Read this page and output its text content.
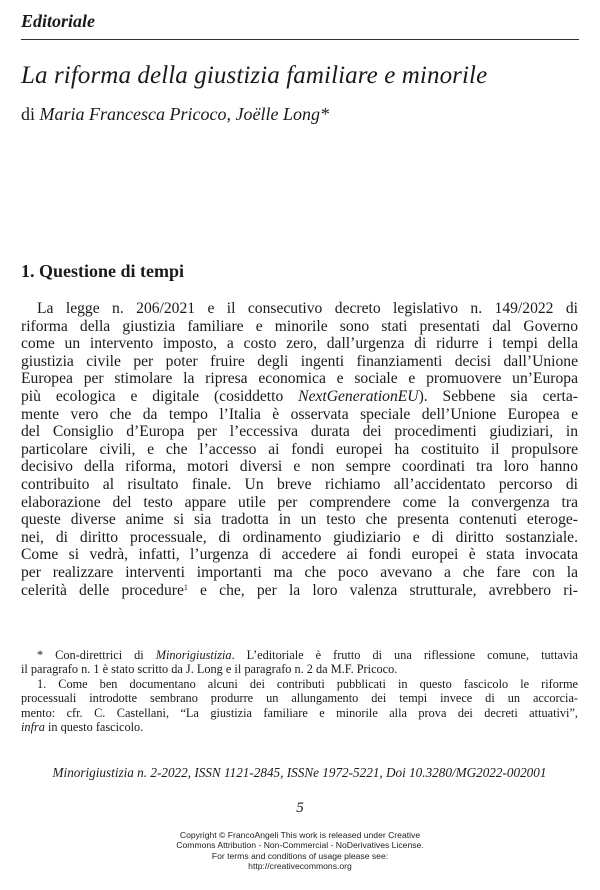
Editoriale
La riforma della giustizia familiare e minorile
di Maria Francesca Pricoco, Joëlle Long*
1. Questione di tempi
La legge n. 206/2021 e il consecutivo decreto legislativo n. 149/2022 di
riforma della giustizia familiare e minorile sono stati presentati dal Governo
come un intervento imposto, a costo zero, dall’urgenza di ridurre i tempi della
giustizia civile per poter fruire degli ingenti finanziamenti decisi dall’Unione
Europea per stimolare la ripresa economica e sociale e promuovere un’Europa
più ecologica e digitale (cosiddetto NextGenerationEU). Sebbene sia certa-
mente vero che da tempo l’Italia è osservata speciale dell’Unione Europea e
del Consiglio d’Europa per l’eccessiva durata dei procedimenti giudiziari, in
particolare civili, e che l’accesso ai fondi europei ha costituito il propulsore
decisivo della riforma, motori diversi e non sempre coordinati tra loro hanno
contribuito al risultato finale. Un breve richiamo all’accidentato percorso di
elaborazione del testo appare utile per comprendere come la convergenza tra
queste diverse anime si sia tradotta in un testo che presenta contenuti eteroge-
nei, di diritto processuale, di ordinamento giudiziario e di diritto sostanziale.
Come si vedrà, infatti, l’urgenza di accedere ai fondi europei è stata invocata
per realizzare interventi importanti ma che poco avevano a che fare con la
celerità delle procedure$^1$ e che, per la loro valenza strutturale, avrebbero ri-
* Con-direttrici di Minorigiustizia. L’editoriale è frutto di una riflessione comune, tuttavia
il paragrafo n. 1 è stato scritto da J. Long e il paragrafo n. 2 da M.F. Pricoco.
1. Come ben documentano alcuni dei contributi pubblicati in questo fascicolo le riforme
processuali introdotte sembrano produrre un allungamento dei tempi invece di un accorcia-
mento: cfr. C. Castellani, “La giustizia familiare e minorile alla prova dei decreti attuativi”,
infra in questo fascicolo.
Minorigiustizia n. 2-2022, ISSN 1121-2845, ISSNe 1972-5221, Doi 10.3280/MG2022-002001
5
Copyright © FrancoAngeli This work is released under Creative
Commons Attribution - Non-Commercial - NoDerivatives License.
For terms and conditions of usage please see:
http://creativecommons.org
